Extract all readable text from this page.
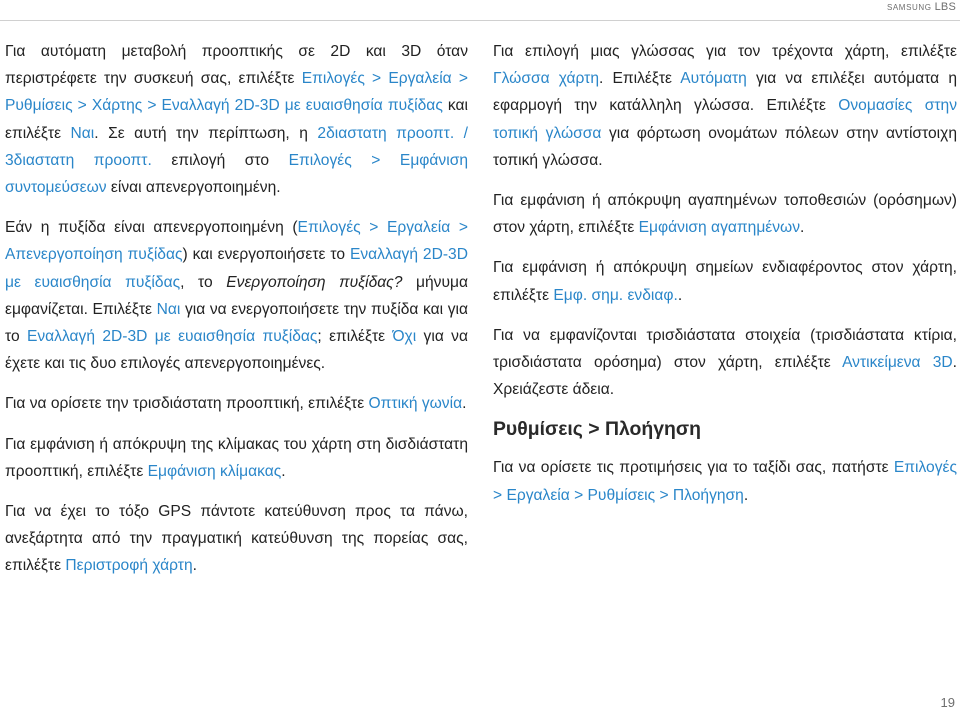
SAMSUNG LBS

Για αυτόματη μεταβολή προοπτικής σε 2D και 3D όταν περιστρέφετε την συσκευή σας, επιλέξτε Επιλογές > Εργαλεία > Ρυθμίσεις > Χάρτης > Εναλλαγή 2D-3D με ευαισθησία πυξίδας και επιλέξτε Ναι. Σε αυτή την περίπτωση, η 2διαστατη προοπτ. / 3διαστατη προοπτ. επιλογή στο Επιλογές > Εμφάνιση συντομεύσεων είναι απενεργοποιημένη.

Εάν η πυξίδα είναι απενεργοποιημένη (Επιλογές > Εργαλεία > Απενεργοποίηση πυξίδας) και ενεργοποιήσετε το Εναλλαγή 2D-3D με ευαισθησία πυξίδας, το Ενεργοποίηση πυξίδας? μήνυμα εμφανίζεται. Επιλέξτε Ναι για να ενεργοποιήσετε την πυξίδα και για το Εναλλαγή 2D-3D με ευαισθησία πυξίδας; επιλέξτε Όχι για να έχετε και τις δυο επιλογές απενεργοποιημένες.

Για να ορίσετε την τρισδιάστατη προοπτική, επιλέξτε Οπτική γωνία.

Για εμφάνιση ή απόκρυψη της κλίμακας του χάρτη στη δισδιάστατη προοπτική, επιλέξτε Εμφάνιση κλίμακας.

Για να έχει το τόξο GPS πάντοτε κατεύθυνση προς τα πάνω, ανεξάρτητα από την πραγματική κατεύθυνση της πορείας σας, επιλέξτε Περιστροφή χάρτη.

Για επιλογή μιας γλώσσας για τον τρέχοντα χάρτη, επιλέξτε Γλώσσα χάρτη. Επιλέξτε Αυτόματη για να επιλέξει αυτόματα η εφαρμογή την κατάλληλη γλώσσα. Επιλέξτε Ονομασίες στην τοπική γλώσσα για φόρτωση ονομάτων πόλεων στην αντίστοιχη τοπική γλώσσα.

Για εμφάνιση ή απόκρυψη αγαπημένων τοποθεσιών (ορόσημων) στον χάρτη, επιλέξτε Εμφάνιση αγαπημένων.

Για εμφάνιση ή απόκρυψη σημείων ενδιαφέροντος στον χάρτη, επιλέξτε Εμφ. σημ. ενδιαφ..

Για να εμφανίζονται τρισδιάστατα στοιχεία (τρισδιάστατα κτίρια, τρισδιάστατα ορόσημα) στον χάρτη, επιλέξτε Αντικείμενα 3D. Χρειάζεστε άδεια.

Ρυθμίσεις > Πλοήγηση

Για να ορίσετε τις προτιμήσεις για το ταξίδι σας, πατήστε Επιλογές > Εργαλεία > Ρυθμίσεις > Πλοήγηση.

19
